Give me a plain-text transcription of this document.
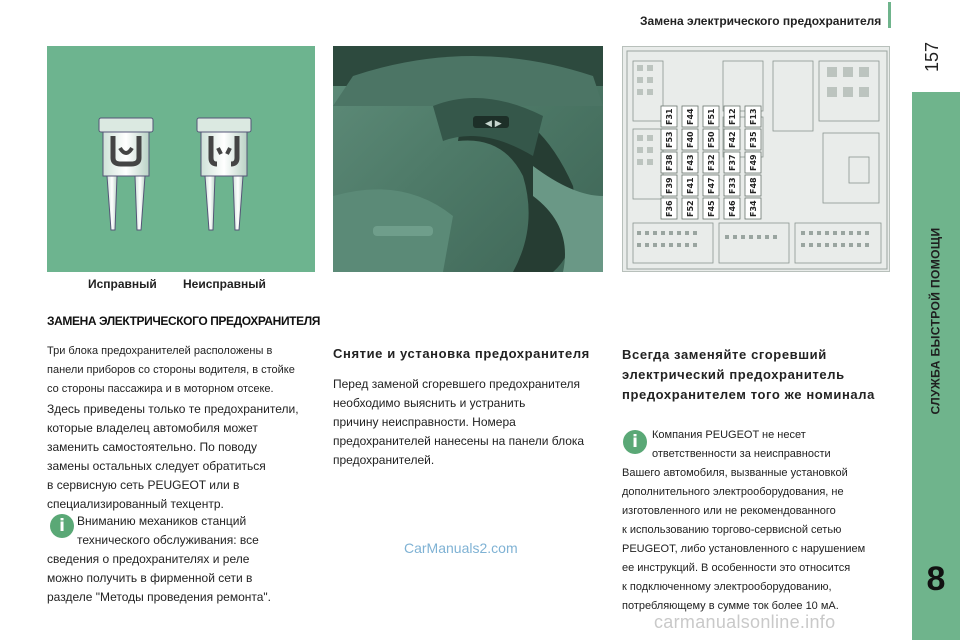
Замена электрического предохранителя
157
СЛУЖБА БЫСТРОЙ ПОМОЩИ
8
Исправный Неисправный
◀ ▶
F36
F39
F38
F53
F31
F52
F41
F43
F40
F44
F45
F47
F32
F50
F51
F46
F33
F37
F42
F12
F34
F48
F49
F35
F13
ЗАМЕНА ЭЛЕКТРИЧЕСКОГО ПРЕДОХРАНИТЕЛЯ
Три блока предохранителей расположены в
панели приборов со стороны водителя, в стойке
со стороны пассажира и в моторном отсеке.
Здесь приведены только те предохранители,
которые владелец автомобиля может
заменить самостоятельно. По поводу
замены остальных следует обратиться
в сервисную сеть PEUGEOT или в
специализированный техцентр.
i	Вниманию механиков станций
технического обслуживания: все
сведения о предохранителях и реле
можно получить в фирменной сети в
разделе "Методы проведения ремонта".
Снятие и установка предохранителя
Перед заменой сгоревшего предохранителя
необходимо выяснить и устранить
причину неисправности. Номера
предохранителей нанесены на панели блока
предохранителей.
Всегда заменяйте сгоревший
электрический предохранитель
предохранителем того же номинала
i	Компания PEUGEOT не несет
ответственности за неисправности
Вашего автомобиля, вызванные установкой
дополнительного электрооборудования, не
изготовленного или не рекомендованного
к использованию торгово-сервисной сетью
PEUGEOT, либо установленного с нарушением
ее инструкций. В особенности это относится
к подключенному электрооборудованию,
потребляющему в сумме ток более 10 мА.
CarManuals2.com
carmanualsonline.info
